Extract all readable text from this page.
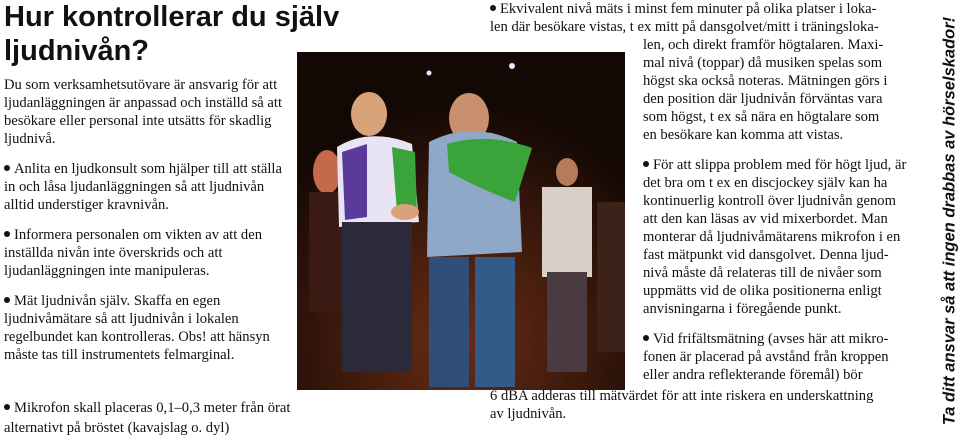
Hur kontrollerar du själv
ljudnivån?

Du som verksamhetsutövare är ansvarig för att ljudanläggningen är anpassad och inställd så att besökare eller personal inte utsätts för skadlig ljudnivå.

Anlita en ljudkonsult som hjälper till att ställa in och låsa ljudanläggningen så att ljudnivån alltid understiger kravnivån.

Informera personalen om vikten av att den inställda nivån inte överskrids och att ljudanläggningen inte manipuleras.

Mät ljudnivån själv. Skaffa en egen ljudnivåmätare så att ljudnivån i lokalen regelbundet kan kontrolleras. Obs! att hänsyn måste tas till instrumentets felmarginal.

Mikrofon skall placeras 0,1–0,3 meter från örat

alternativt på bröstet (kavajslag o. dyl)

Ekvivalent nivå mäts i minst fem minuter på olika platser i loka-

len där besökare vistas, t ex mitt på dansgolvet/mitt i träningsloka-

len, och direkt framför högtalaren. Maxi-

mal nivå (toppar) då musiken spelas som

högst ska också noteras. Mätningen görs i

den position där ljudnivån förväntas vara

som högst, t ex så nära en högtalare som

en besökare kan komma att vistas.

För att slippa problem med för högt ljud, är

det bra om t ex en discjockey själv kan ha

kontinuerlig kontroll över ljudnivån genom

att den kan läsas av vid mixerbordet. Man

monterar då ljudnivåmätarens mikrofon i en

fast mätpunkt vid dansgolvet. Denna ljud-

nivå måste då relateras till de nivåer som

uppmätts vid de olika positionerna enligt

anvisningarna i föregående punkt.

Vid frifältsmätning (avses här att mikro-

fonen är placerad på avstånd från kroppen

eller andra reflekterande föremål) bör

6 dBA adderas till mätvärdet för att inte riskera en underskattning

av ljudnivån.	Ta ditt ansvar så att ingen drabbas av hörselskador!
